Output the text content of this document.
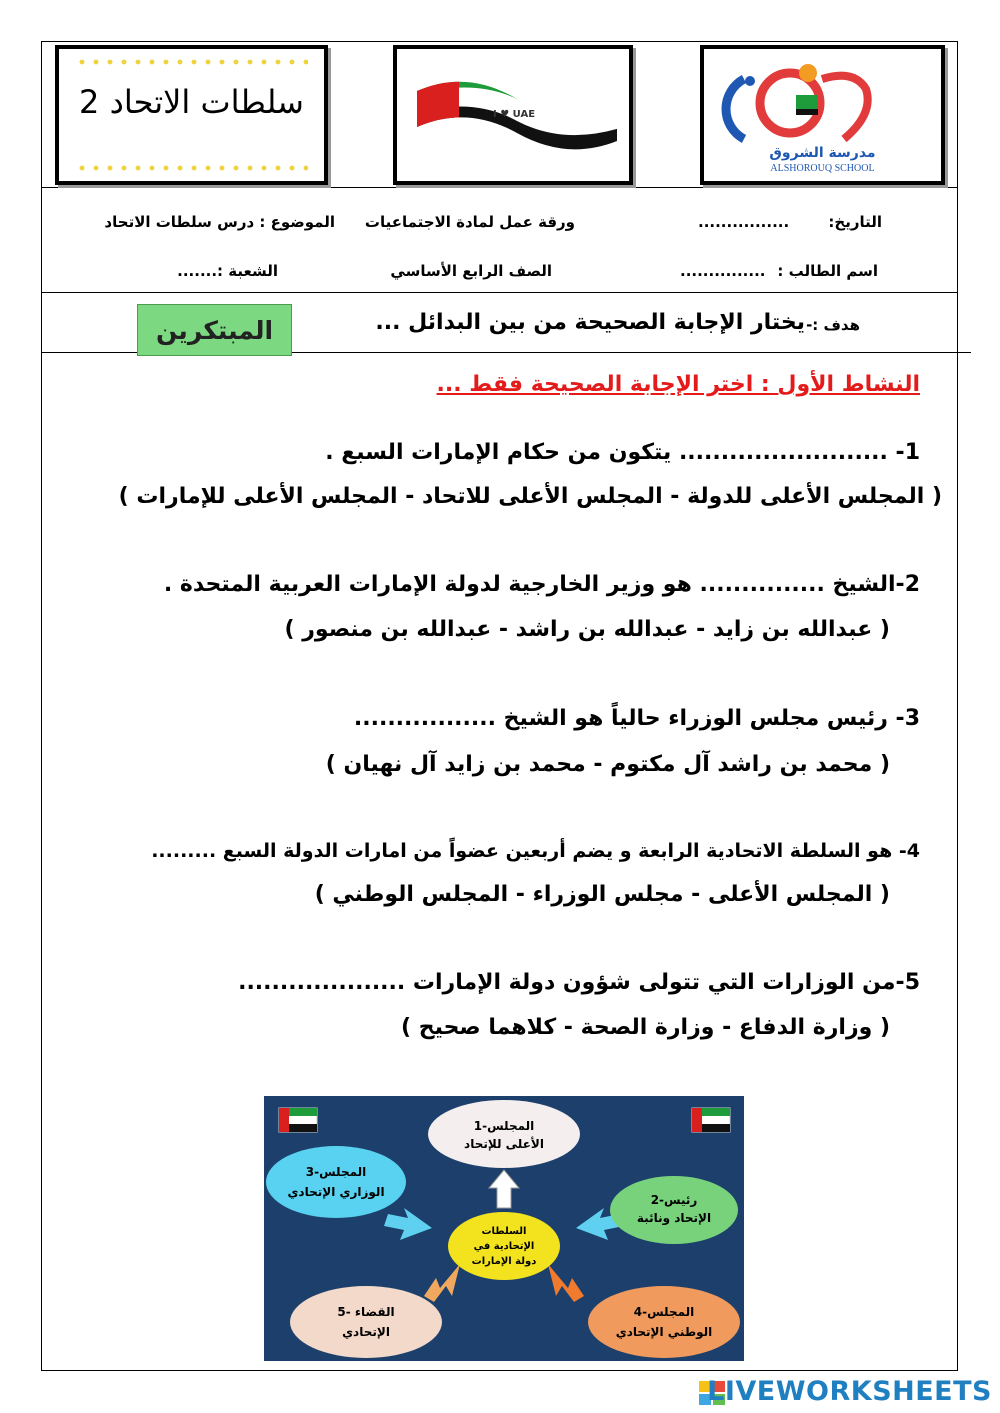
سلطات الاتحاد 2	I ♥ UAE
مدرسة الشروق
ALSHOROUQ SCHOOL
التاريخ:
................
ورقة عمل لمادة الاجتماعيات
الموضوع : درس سلطات الاتحاد
اسم الطالب :
...............
الصف الرابع الأساسي
الشعبة :.......
هدف :-
يختار الإجابة الصحيحة من بين البدائل ...
المبتكرين
النشاط الأول : اختر الإجابة الصحيحة فقط ...
1- ......................... يتكون من حكام الإمارات السبع .
( المجلس الأعلى للدولة - المجلس الأعلى للاتحاد - المجلس الأعلى للإمارات )
2-الشيخ ............... هو وزير الخارجية لدولة الإمارات العربية المتحدة .
( عبدالله بن زايد - عبدالله بن راشد - عبدالله بن منصور )
3- رئيس مجلس الوزراء حالياً هو الشيخ .................
( محمد بن راشد آل مكتوم - محمد بن زايد آل نهيان )
4- هو السلطة الاتحادية الرابعة و يضم أربعين عضواً من امارات الدولة السبع .........
( المجلس الأعلى - مجلس الوزراء - المجلس الوطني )
5-من الوزارات التي تتولى شؤون دولة الإمارات ....................
( وزارة الدفاع - وزارة الصحة - كلاهما صحيح )
1-المجلس
الأعلى للإتحاد
2-رئيس
الإتحاد ونائبة
3-المجلس
الوزاري الإتحادي
4-المجلس
الوطني الإتحادي
5- القضاء
الإتحادي
السلطات
الإتحادية في
دولة الإمارات
LIVEWORKSHEETS
